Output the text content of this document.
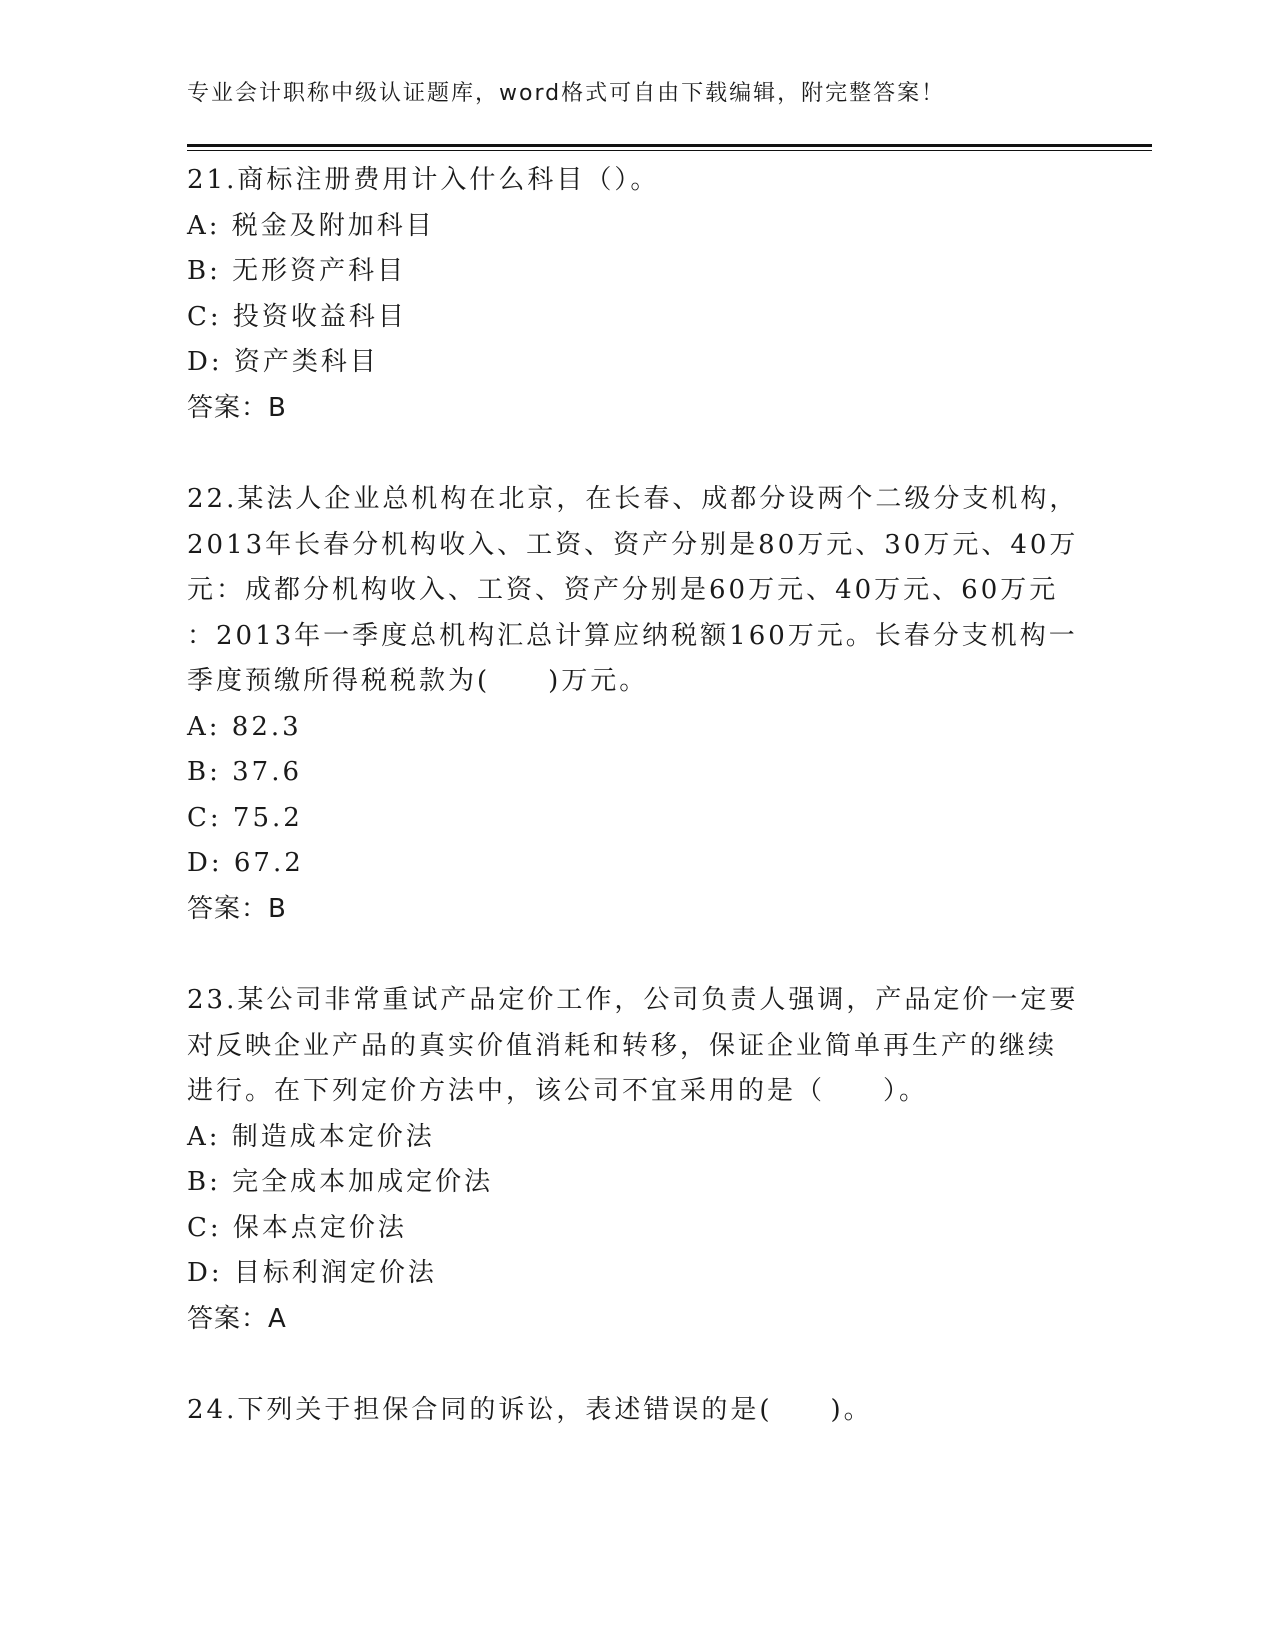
专业会计职称中级认证题库，word格式可自由下载编辑，附完整答案！
21.商标注册费用计入什么科目（）。
A: 税金及附加科目
B: 无形资产科目
C: 投资收益科目
D: 资产类科目
答案：B
22.某法人企业总机构在北京，在长春、成都分设两个二级分支机构，
2013年长春分机构收入、工资、资产分别是80万元、30万元、40万
元：成都分机构收入、工资、资产分别是60万元、40万元、60万元
：2013年一季度总机构汇总计算应纳税额160万元。长春分支机构一
季度预缴所得税税款为(　　)万元。
A: 82.3
B: 37.6
C: 75.2
D: 67.2
答案：B
23.某公司非常重试产品定价工作，公司负责人强调，产品定价一定要
对反映企业产品的真实价值消耗和转移，保证企业简单再生产的继续
进行。在下列定价方法中，该公司不宜采用的是（　　）。
A: 制造成本定价法
B: 完全成本加成定价法
C: 保本点定价法
D: 目标利润定价法
答案：A
24.下列关于担保合同的诉讼，表述错误的是(　　)。
